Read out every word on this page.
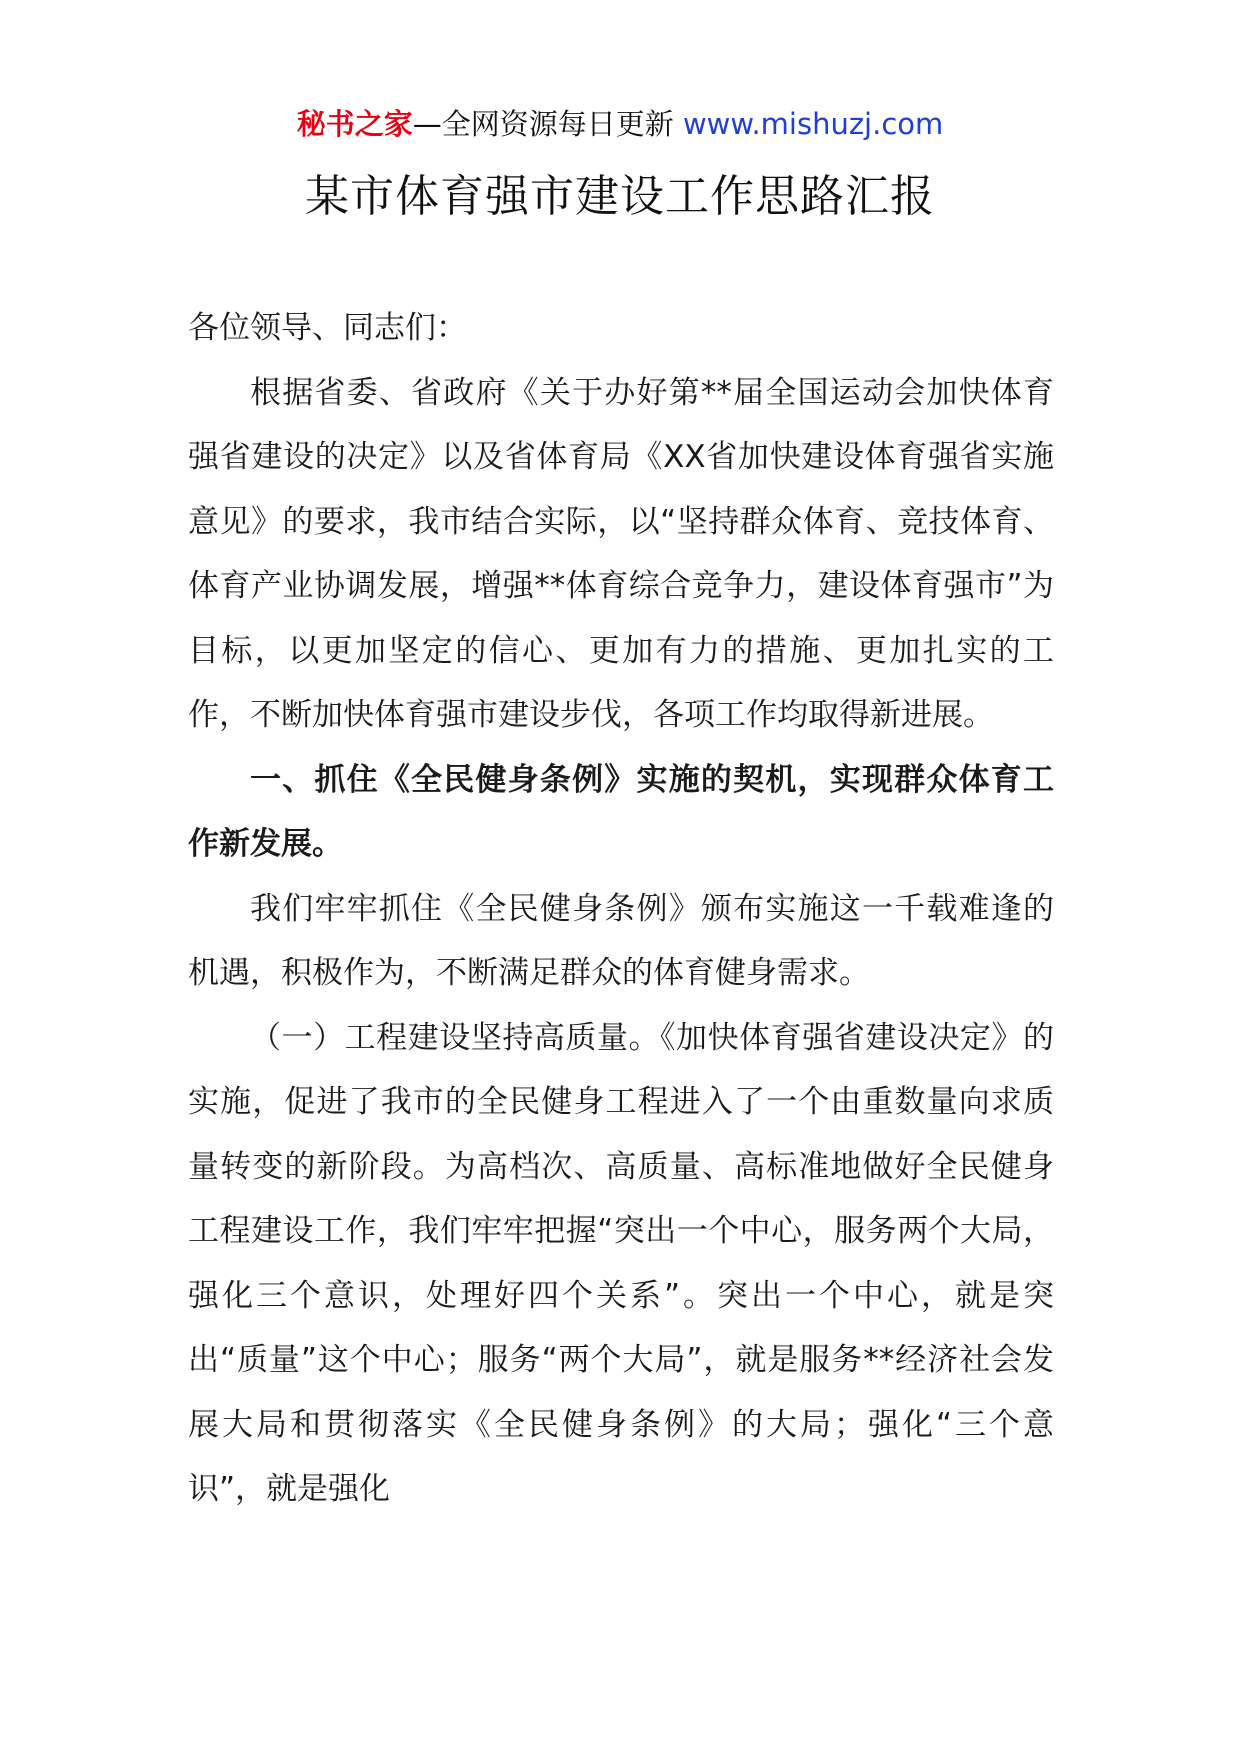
秘书之家—全网资源每日更新 www.mishuzj.com
某市体育强市建设工作思路汇报

各位领导、同志们：

根据省委、省政府《关于办好第**届全国运动会加快体育强省建设的决定》以及省体育局《XX省加快建设体育强省实施意见》的要求，我市结合实际，以“坚持群众体育、竞技体育、体育产业协调发展，增强**体育综合竞争力，建设体育强市”为目标，以更加坚定的信心、更加有力的措施、更加扎实的工作，不断加快体育强市建设步伐，各项工作均取得新进展。

一、抓住《全民健身条例》实施的契机，实现群众体育工作新发展。

我们牢牢抓住《全民健身条例》颁布实施这一千载难逢的机遇，积极作为，不断满足群众的体育健身需求。

（一）工程建设坚持高质量。《加快体育强省建设决定》的实施，促进了我市的全民健身工程进入了一个由重数量向求质量转变的新阶段。为高档次、高质量、高标准地做好全民健身工程建设工作，我们牢牢把握“突出一个中心，服务两个大局，强化三个意识，处理好四个关系”。突出一个中心，就是突出“质量”这个中心；服务“两个大局”，就是服务**经济社会发展大局和贯彻落实《全民健身条例》的大局；强化“三个意识”，就是强化
